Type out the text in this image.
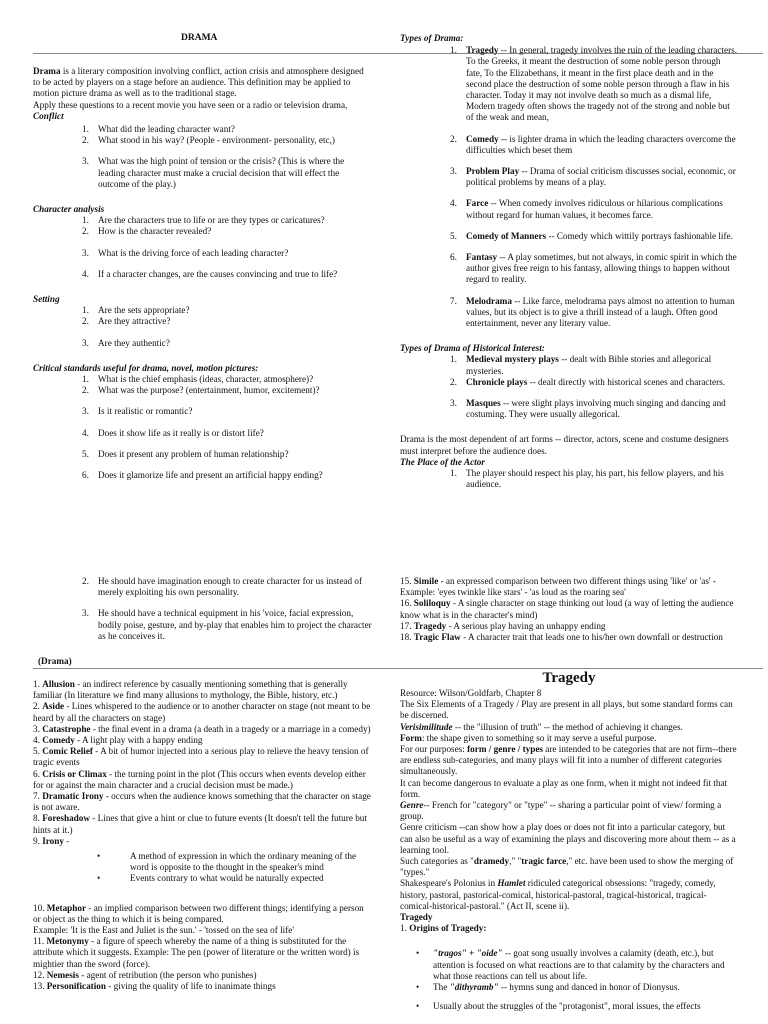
DRAMA

Drama is a literary composition involving conflict, action crisis and atmosphere designed to be acted by players on a stage before an audience. This definition may be applied to motion picture drama as well as to the traditional stage.

Apply these questions to a recent movie you have seen or a radio or television drama,

Conflict

1. What did the leading character want?
2. What stood in his way? (People - environment- personality, etc,)
3. What was the high point of tension or the crisis? (This is where the leading character must make a crucial decision that will effect the outcome of the play.)

Character analysis

1. Are the characters true to life or are they types or caricatures?
2. How is the character revealed?
3. What is the driving force of each leading character?
4. If a character changes, are the causes convincing and true to life?

Setting

1. Are the sets appropriate?
2. Are they attractive?
3. Are they authentic?

Critical standards useful for drama, novel, motion pictures:

1. What is the chief emphasis (ideas, character, atmosphere)?
2. What was the purpose? (entertainment, humor, excitement)?
3. Is it realistic or romantic?
4. Does it show life as it really is or distort life?
5. Does it present any problem of human relationship?
6. Does it glamorize life and present an artificial happy ending?

Types of Drama:

1. Tragedy -- In general, tragedy involves the ruin of the leading characters. To the Greeks, it meant the destruction of some noble person through fate, To the Elizabethans, it meant in the first place death and in the second place the destruction of some noble person through a flaw in his character. Today it may not involve death so much as a dismal life, Modern tragedy often shows the tragedy not of the strong and noble but of the weak and mean,
2. Comedy -- is lighter drama in which the leading characters overcome the difficulties which beset them
3. Problem Play -- Drama of social criticism discusses social, economic, or political problems by means of a play.
4. Farce -- When comedy involves ridiculous or hilarious complications without regard for human values, it becomes farce.
5. Comedy of Manners -- Comedy which wittily portrays fashionable life.
6. Fantasy -- A play sometimes, but not always, in comic spirit in which the author gives free reign to his fantasy, allowing things to happen without regard to reality.
7. Melodrama -- Like farce, melodrama pays almost no attention to human values, but its object is to give a thrill instead of a laugh. Often good entertainment, never any literary value.

Types of Drama of Historical Interest:

1. Medieval mystery plays -- dealt with Bible stories and allegorical mysteries.
2. Chronicle plays -- dealt directly with historical scenes and characters.
3. Masques -- were slight plays involving much singing and dancing and costuming. They were usually allegorical.

Drama is the most dependent of art forms -- director, actors, scene and costume designers must interpret before the audience does.

The Place of the Actor

1. The player should respect his play, his part, his fellow players, and his audience.
2. He should have imagination enough to create character for us instead of merely exploiting his own personality.
3. He should have a technical equipment in his 'voice, facial expression, bodily poise, gesture, and by-play that enables him to project the character as he conceives it.

15. Simile - an expressed comparison between two different things using 'like' or 'as' - Example: 'eyes twinkle like stars' - 'as loud as the roaring sea'

16. Soliloquy - A single character on stage thinking out loud (a way of letting the audience know what is in the character's mind)

17. Tragedy - A serious play having an unhappy ending

18. Tragic Flaw - A character trait that leads one to his/her own downfall or destruction

(Drama)

1. Allusion - an indirect reference by casually mentioning something that is generally familiar (In literature we find many allusions to mythology, the Bible, history, etc.)

2. Aside - Lines whispered to the audience or to another character on stage (not meant to be heard by all the characters on stage)

3. Catastrophe - the final event in a drama (a death in a tragedy or a marriage in a comedy)

4. Comedy - A light play with a happy ending

5. Comic Relief - A bit of humor injected into a serious play to relieve the heavy tension of tragic events

6. Crisis or Climax - the turning point in the plot (This occurs when events develop either for or against the main character and a crucial decision must be made.)

7. Dramatic Irony - occurs when the audience knows something that the character on stage is not aware.

8. Foreshadow - Lines that give a hint or clue to future events (It doesn't tell the future but hints at it.)

9. Irony -

•	A method of expression in which the ordinary meaning of the word is opposite to the thought in the speaker's mind
•	Events contrary to what would be naturally expected

10. Metaphor - an implied comparison between two different things; identifying a person or object as the thing to which it is being compared.

Example: 'It is the East and Juliet is the sun.' - 'tossed on the sea of life'

11. Metonymy - a figure of speech whereby the name of a thing is substituted for the attribute which it suggests. Example: The pen (power of literature or the written word) is mightier than the sword (force).

12. Nemesis - agent of retribution (the person who punishes)

13. Personification - giving the quality of life to inanimate things

Tragedy

Resource: Wilson/Goldfarb, Chapter 8

The Six Elements of a Tragedy / Play are present in all plays, but some standard forms can be discerned.

Verisimilitude -- the "illusion of truth" -- the method of achieving it changes.

Form: the shape given to something so it may serve a useful purpose.

For our purposes: form / genre / types are intended to be categories that are not firm--there are endless sub-categories, and many plays will fit into a number of different categories simultaneously.

It can become dangerous to evaluate a play as one form, when it might not indeed fit that form.

Genre-- French for "category" or "type" -- sharing a particular point of view/ forming a group.

Genre criticism --can show how a play does or does not fit into a particular category, but can also be useful as a way of examining the plays and discovering more about them -- as a learning tool.

Such categories as "dramedy," "tragic farce," etc. have been used to show the merging of "types."

Shakespeare's Polonius in Hamlet ridiculed categorical obsessions: "tragedy, comedy, history, pastoral, pastorical-comical, historical-pastoral, tragical-historical, tragical-comical-historical-pastoral." (Act II, scene ii).

Tragedy

1. Origins of Tragedy:

•	"tragos" + "oide" -- goat song usually involves a calamity (death, etc.), but attention is focused on what reactions are to that calamity by the characters and what those reactions can tell us about life.
•	The "dithyramb" -- hymns sung and danced in honor of Dionysus.
•	Usually about the struggles of the "protagonist", moral issues, the effects
